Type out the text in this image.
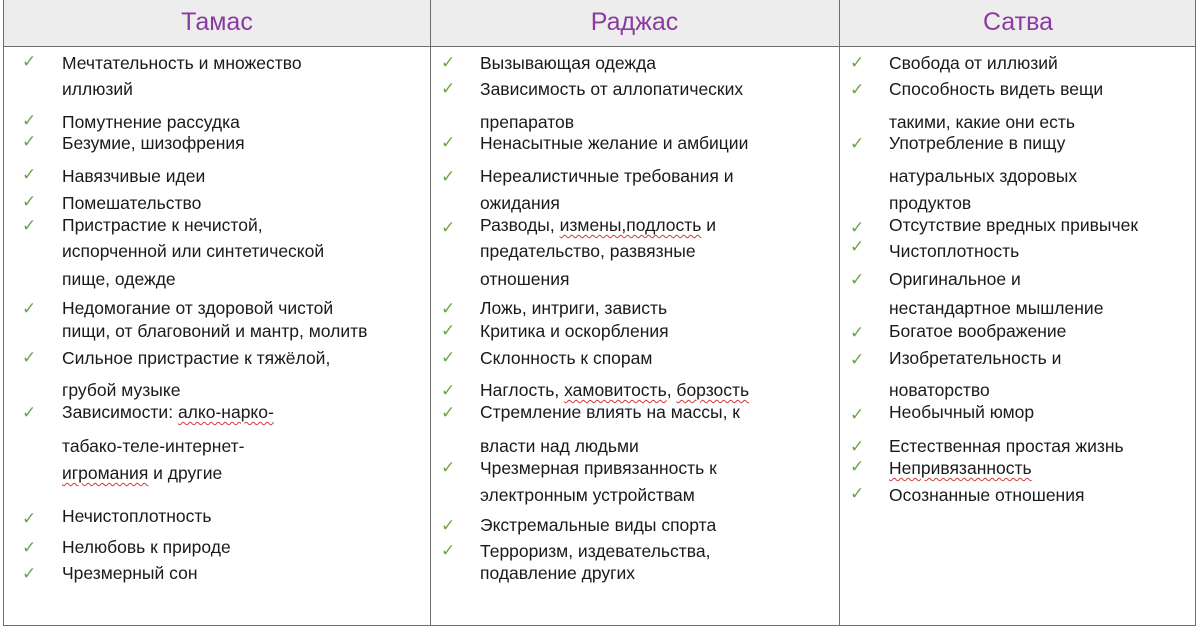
Тамас	Раджас	Сатва
✓ Мечтательность и множество
иллюзий
✓ Помутнение рассудка
✓ Безумие, шизофрения
✓ Навязчивые идеи
✓ Помешательство
✓ Пристрастие к нечистой,
испорченной или синтетической
пище, одежде
✓ Недомогание от здоровой чистой
пищи, от благовоний и мантр, молитв
✓ Сильное пристрастие к тяжёлой,
грубой музыке
✓ Зависимости: алко-нарко-
табако-теле-интернет-
игромания и другие
✓ Нечистоплотность
✓ Нелюбовь к природе
✓ Чрезмерный сон
✓ Вызывающая одежда
✓ Зависимость от аллопатических
препаратов
✓ Ненасытные желание и амбиции
✓ Нереалистичные требования и
ожидания
✓ Разводы, измены,подлость и
предательство, развязные
отношения
✓ Ложь, интриги, зависть
✓ Критика и оскорбления
✓ Склонность к спорам
✓ Наглость, хамовитость, борзость
✓ Стремление влиять на массы, к
власти над людьми
✓ Чрезмерная привязанность к
электронным устройствам
✓ Экстремальные виды спорта
✓ Терроризм, издевательства,
подавление других
✓ Свобода от иллюзий
✓ Способность видеть вещи
такими, какие они есть
✓ Употребление в пищу
натуральных здоровых
продуктов
✓ Отсутствие вредных привычек
✓ Чистоплотность
✓ Оригинальное и
нестандартное мышление
✓ Богатое воображение
✓ Изобретательность и
новаторство
✓ Необычный юмор
✓ Естественная простая жизнь
✓ Непривязанность
✓ Осознанные отношения
